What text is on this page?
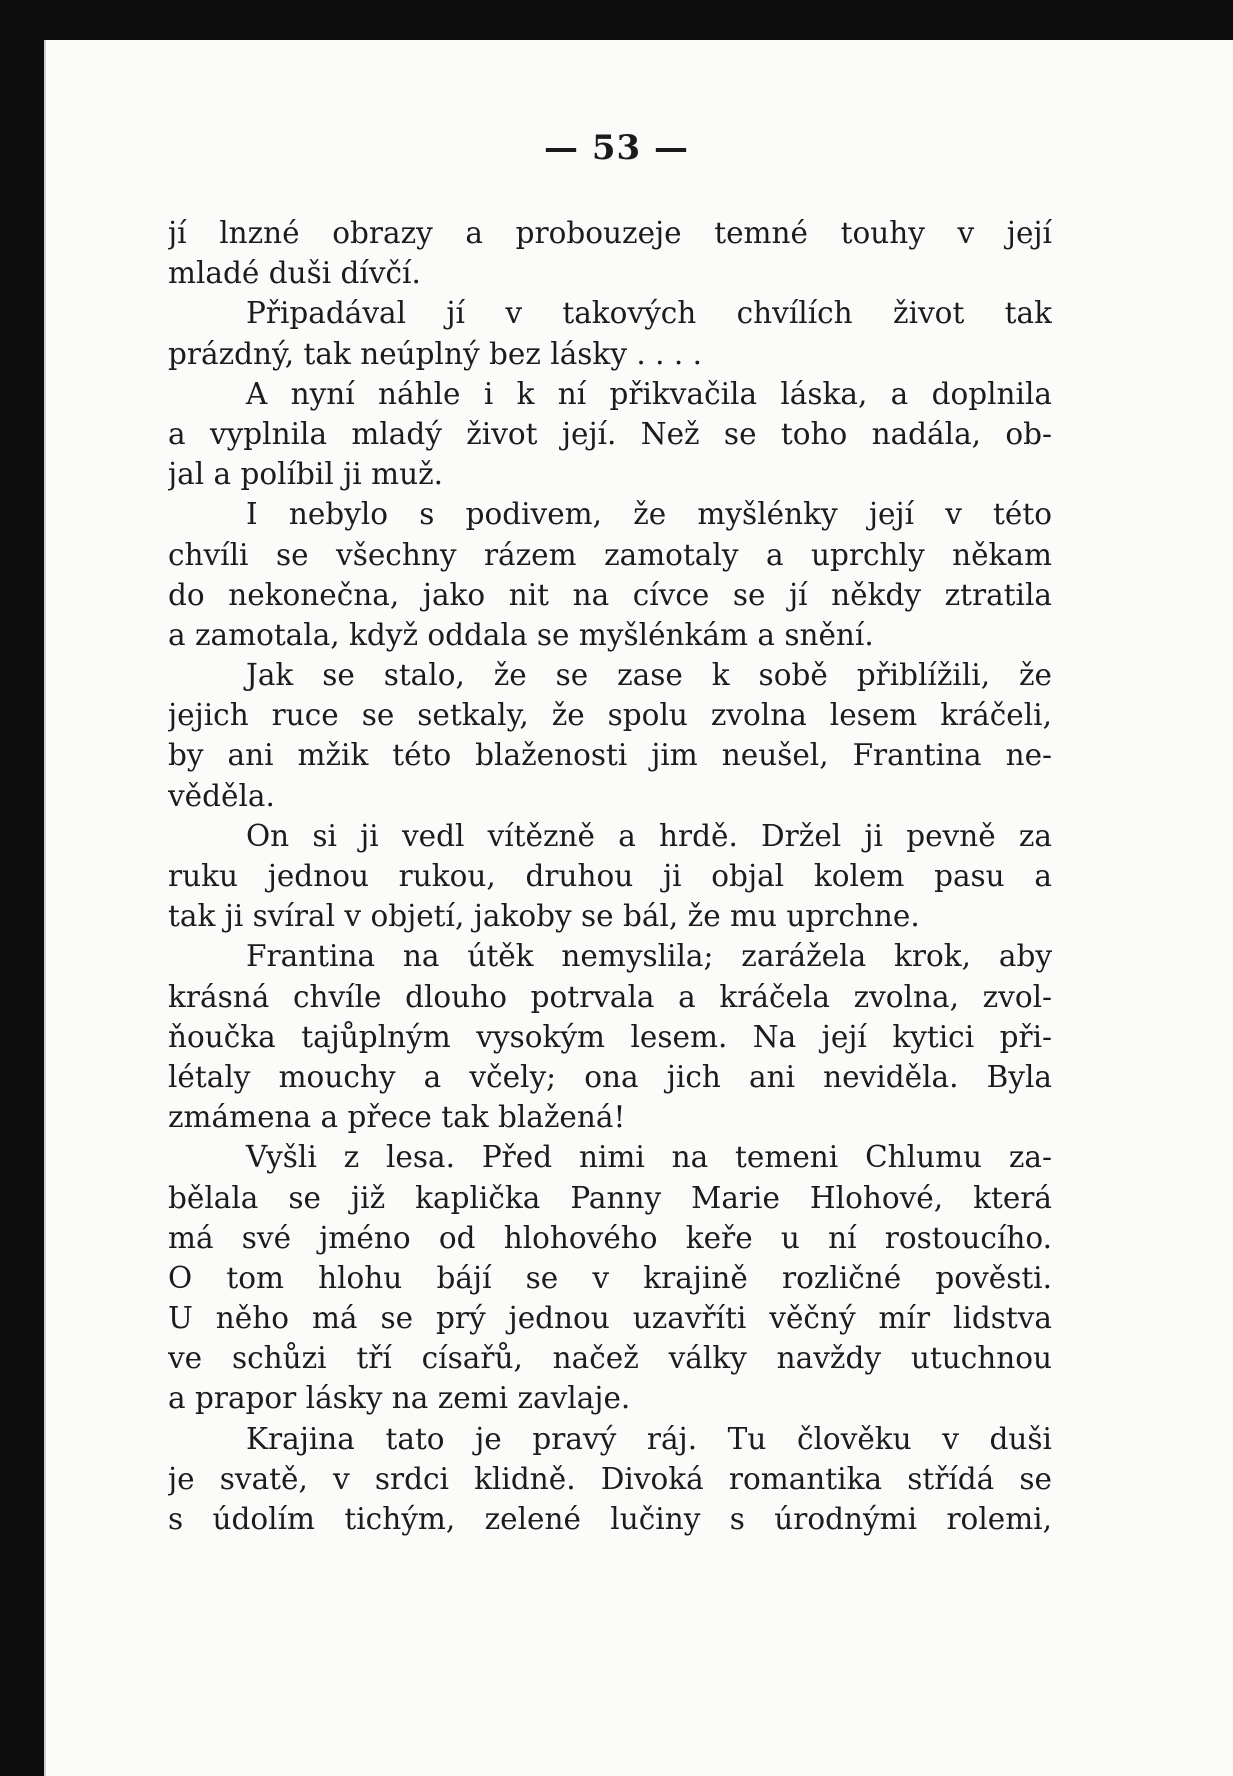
— 53 —
jí lnzné obrazy a probouzeje temné touhy v její
mladé duši dívčí.
Připadával jí v takových chvílích život tak
prázdný, tak neúplný bez lásky . . . .
A nyní náhle i k ní přikvačila láska, a doplnila
a vyplnila mladý život její. Než se toho nadála, ob-
jal a políbil ji muž.
I nebylo s podivem, že myšlénky její v této
chvíli se všechny rázem zamotaly a uprchly někam
do nekonečna, jako nit na cívce se jí někdy ztratila
a zamotala, když oddala se myšlénkám a snění.
Jak se stalo, že se zase k sobě přiblížili, že
jejich ruce se setkaly, že spolu zvolna lesem kráčeli,
by ani mžik této blaženosti jim neušel, Frantina ne-
věděla.
On si ji vedl vítězně a hrdě. Držel ji pevně za
ruku jednou rukou, druhou ji objal kolem pasu a
tak ji svíral v objetí, jakoby se bál, že mu uprchne.
Frantina na útěk nemyslila; zarážela krok, aby
krásná chvíle dlouho potrvala a kráčela zvolna, zvol-
ňoučka tajůplným vysokým lesem. Na její kytici při-
létaly mouchy a včely; ona jich ani neviděla. Byla
zmámena a přece tak blažená!
Vyšli z lesa. Před nimi na temeni Chlumu za-
bělala se již kaplička Panny Marie Hlohové, která
má své jméno od hlohového keře u ní rostoucího.
O tom hlohu bájí se v krajině rozličné pověsti.
U něho má se prý jednou uzavříti věčný mír lidstva
ve schůzi tří císařů, načež války navždy utuchnou
a prapor lásky na zemi zavlaje.
Krajina tato je pravý ráj. Tu člověku v duši
je svatě, v srdci klidně. Divoká romantika střídá se
s údolím tichým, zelené lučiny s úrodnými rolemi,
